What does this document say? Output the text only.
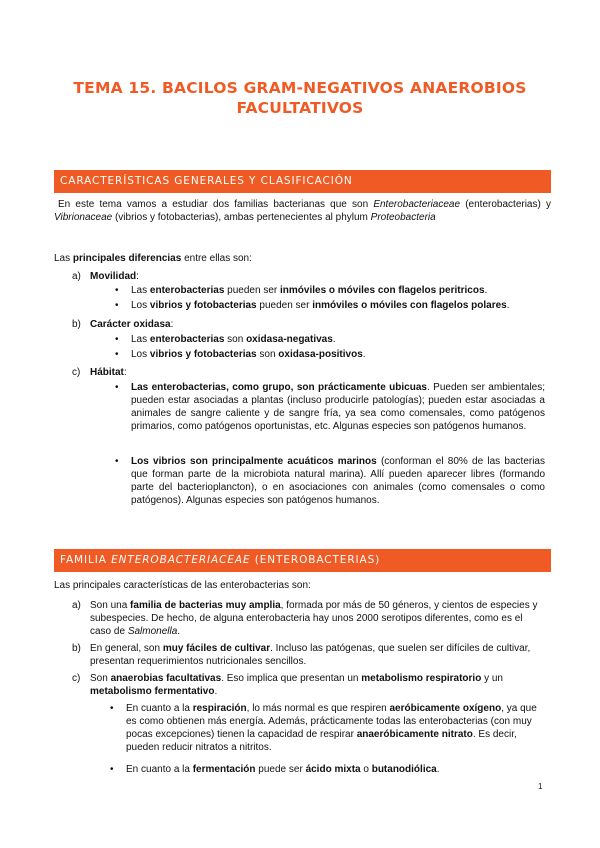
TEMA 15. BACILOS GRAM-NEGATIVOS ANAEROBIOS
FACULTATIVOS
CARACTERÍSTICAS GENERALES Y CLASIFICACIÓN
En este tema vamos a estudiar dos familias bacterianas que son Enterobacteriaceae (enterobacterias) y Vibrionaceae (vibrios y fotobacterias), ambas pertenecientes al phylum Proteobacteria
Las principales diferencias entre ellas son:
a) Movilidad:
• Las enterobacterias pueden ser inmóviles o móviles con flagelos peritricos.
• Los vibrios y fotobacterias pueden ser inmóviles o móviles con flagelos polares.
b) Carácter oxidasa:
• Las enterobacterias son oxidasa-negativas.
• Los vibrios y fotobacterias son oxidasa-positivos.
c) Hábitat:
• Las enterobacterias, como grupo, son prácticamente ubicuas. Pueden ser ambientales; pueden estar asociadas a plantas (incluso producirle patologías); pueden estar asociadas a animales de sangre caliente y de sangre fría, ya sea como comensales, como patógenos primarios, como patógenos oportunistas, etc. Algunas especies son patógenos humanos.
• Los vibrios son principalmente acuáticos marinos (conforman el 80% de las bacterias que forman parte de la microbiota natural marina). Allí pueden aparecer libres (formando parte del bacterioplancton), o en asociaciones con animales (como comensales o como patógenos). Algunas especies son patógenos humanos.
FAMILIA ENTEROBACTERIACEAE (ENTEROBACTERIAS)
Las principales características de las enterobacterias son:
a) Son una familia de bacterias muy amplia, formada por más de 50 géneros, y cientos de especies y subespecies. De hecho, de alguna enterobacteria hay unos 2000 serotipos diferentes, como es el caso de Salmonella.
b) En general, son muy fáciles de cultivar. Incluso las patógenas, que suelen ser difíciles de cultivar, presentan requerimientos nutricionales sencillos.
c) Son anaerobias facultativas. Eso implica que presentan un metabolismo respiratorio y un metabolismo fermentativo.
• En cuanto a la respiración, lo más normal es que respiren aeróbicamente oxígeno, ya que es como obtienen más energía. Además, prácticamente todas las enterobacterias (con muy pocas excepciones) tienen la capacidad de respirar anaeróbicamente nitrato. Es decir, pueden reducir nitratos a nitritos.
• En cuanto a la fermentación puede ser ácido mixta o butanodiólica.
1
